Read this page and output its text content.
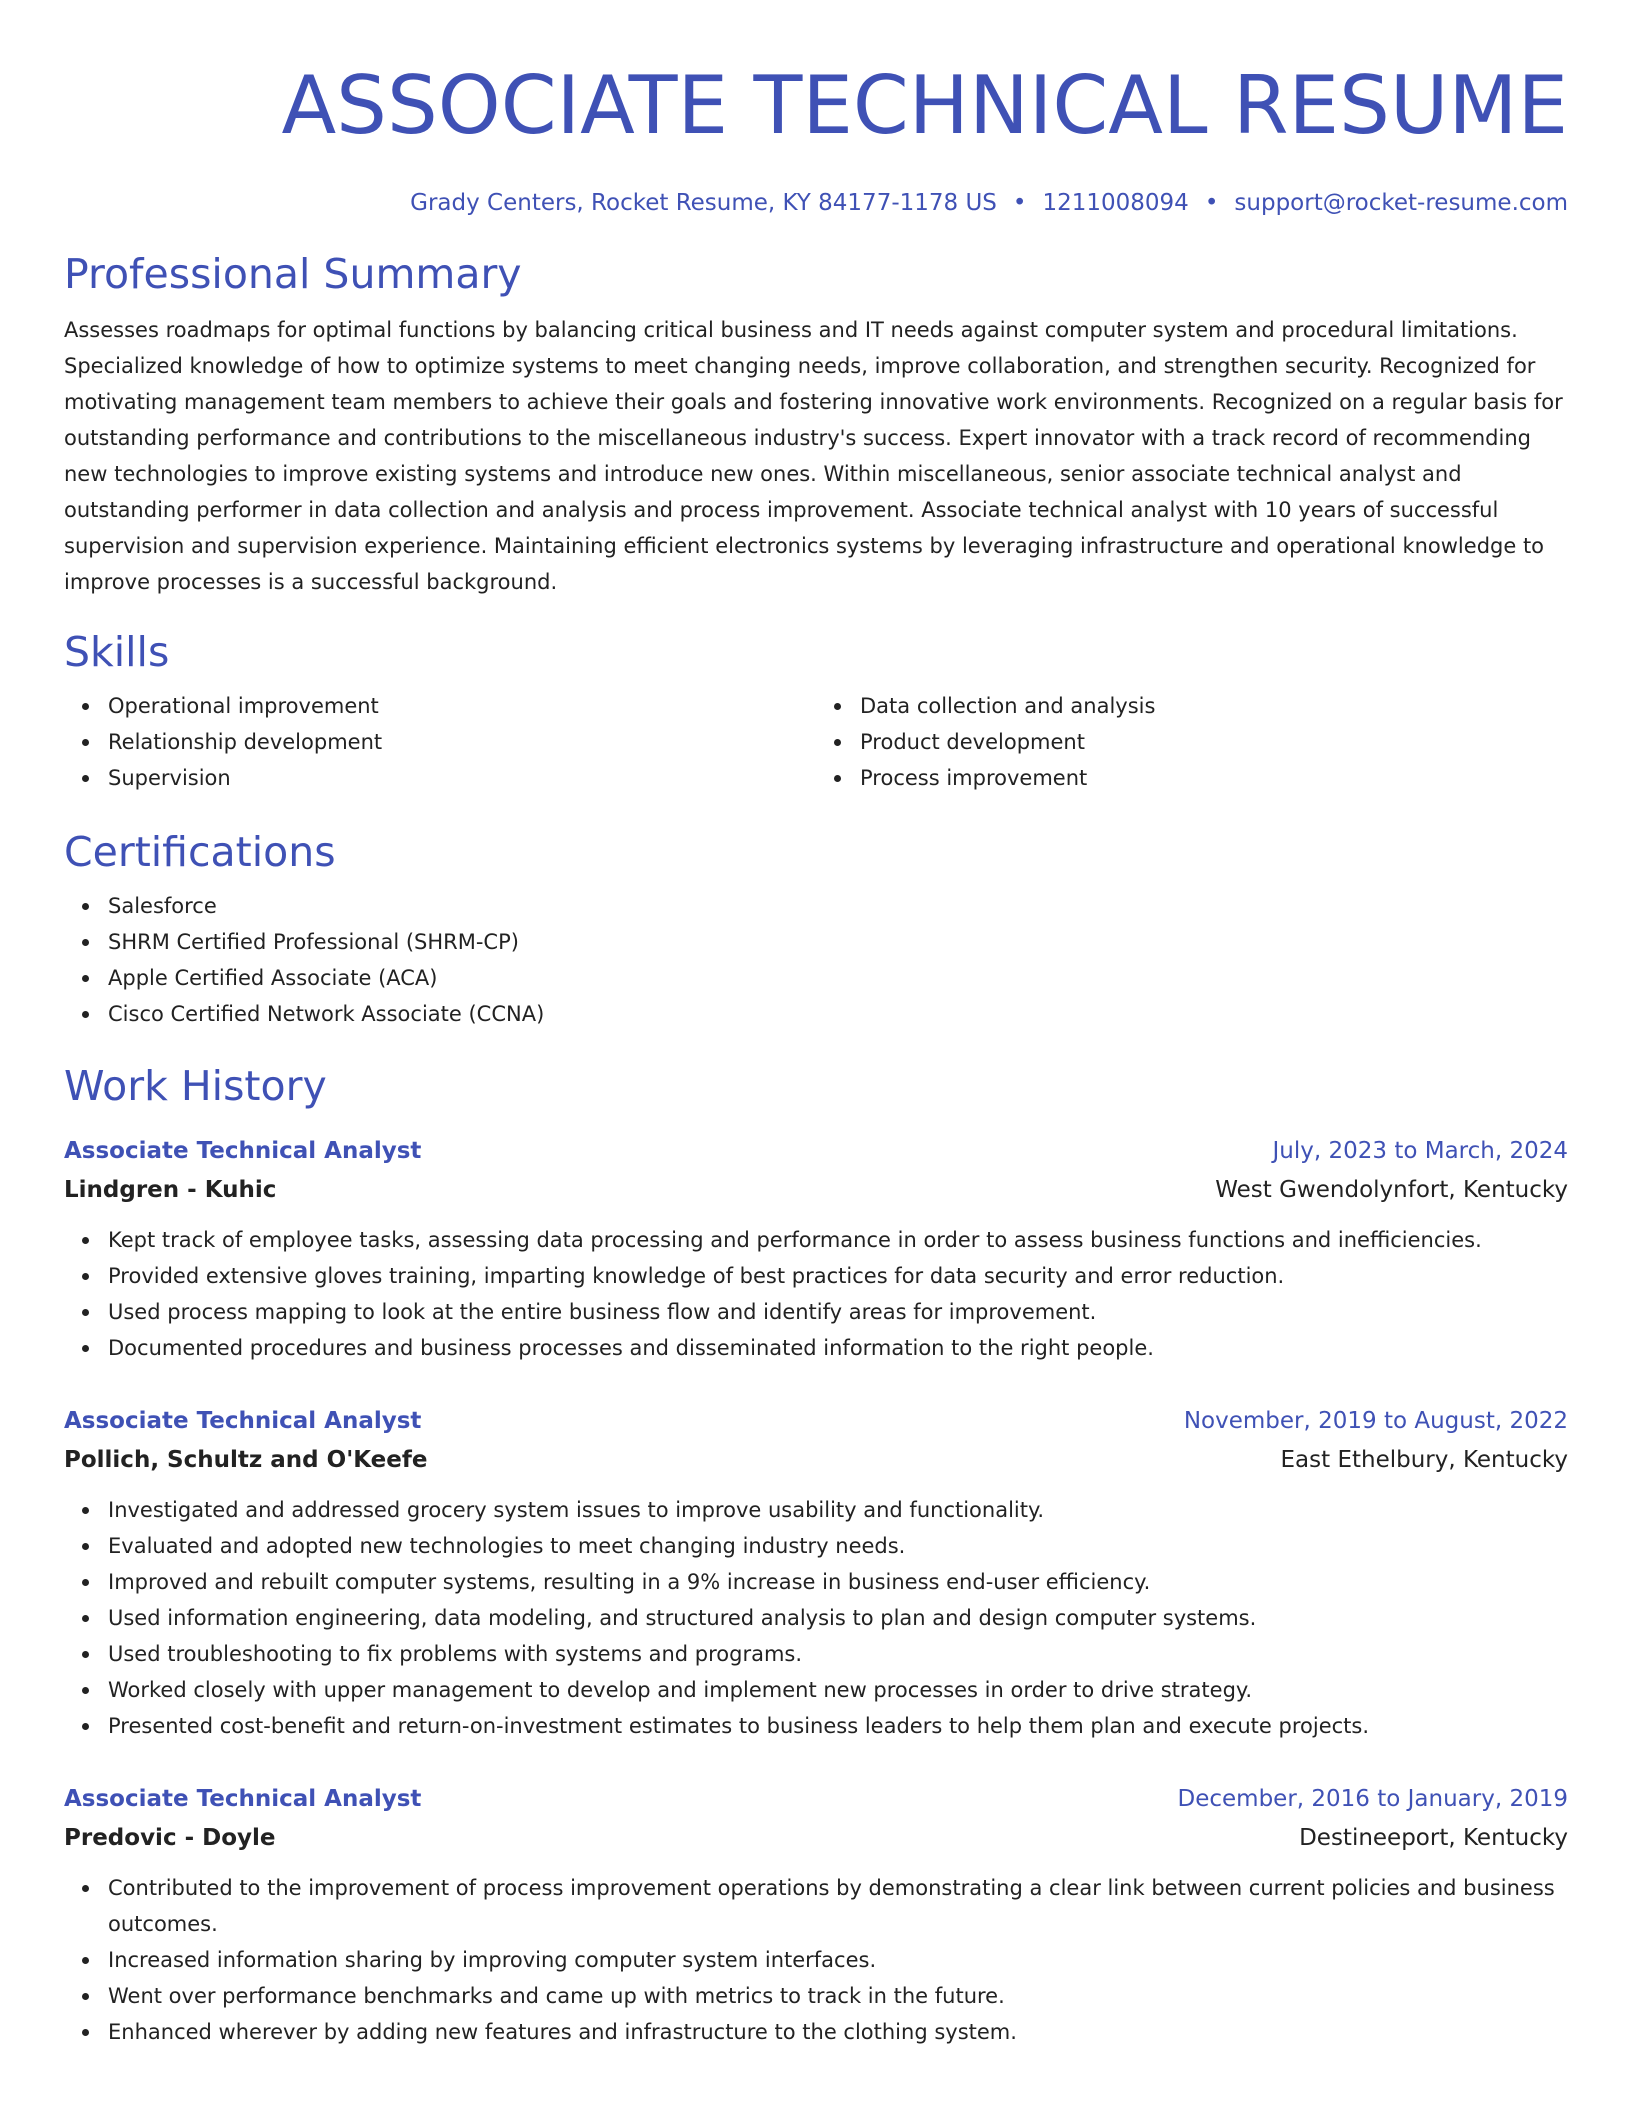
ASSOCIATE TECHNICAL RESUME
Grady Centers, Rocket Resume, KY 84177-1178 US • 1211008094 • support@rocket-resume.com
Professional Summary
Assesses roadmaps for optimal functions by balancing critical business and IT needs against computer system and procedural limitations. Specialized knowledge of how to optimize systems to meet changing needs, improve collaboration, and strengthen security. Recognized for motivating management team members to achieve their goals and fostering innovative work environments. Recognized on a regular basis for outstanding performance and contributions to the miscellaneous industry's success. Expert innovator with a track record of recommending new technologies to improve existing systems and introduce new ones. Within miscellaneous, senior associate technical analyst and outstanding performer in data collection and analysis and process improvement. Associate technical analyst with 10 years of successful supervision and supervision experience. Maintaining efficient electronics systems by leveraging infrastructure and operational knowledge to improve processes is a successful background.
Skills
Operational improvement
Relationship development
Supervision
Data collection and analysis
Product development
Process improvement
Certifications
Salesforce
SHRM Certified Professional (SHRM-CP)
Apple Certified Associate (ACA)
Cisco Certified Network Associate (CCNA)
Work History
Associate Technical Analyst	July, 2023 to March, 2024
Lindgren - Kuhic	West Gwendolynfort, Kentucky
Kept track of employee tasks, assessing data processing and performance in order to assess business functions and inefficiencies.
Provided extensive gloves training, imparting knowledge of best practices for data security and error reduction.
Used process mapping to look at the entire business flow and identify areas for improvement.
Documented procedures and business processes and disseminated information to the right people.
Associate Technical Analyst	November, 2019 to August, 2022
Pollich, Schultz and O'Keefe	East Ethelbury, Kentucky
Investigated and addressed grocery system issues to improve usability and functionality.
Evaluated and adopted new technologies to meet changing industry needs.
Improved and rebuilt computer systems, resulting in a 9% increase in business end-user efficiency.
Used information engineering, data modeling, and structured analysis to plan and design computer systems.
Used troubleshooting to fix problems with systems and programs.
Worked closely with upper management to develop and implement new processes in order to drive strategy.
Presented cost-benefit and return-on-investment estimates to business leaders to help them plan and execute projects.
Associate Technical Analyst	December, 2016 to January, 2019
Predovic - Doyle	Destineeport, Kentucky
Contributed to the improvement of process improvement operations by demonstrating a clear link between current policies and business outcomes.
Increased information sharing by improving computer system interfaces.
Went over performance benchmarks and came up with metrics to track in the future.
Enhanced wherever by adding new features and infrastructure to the clothing system.
